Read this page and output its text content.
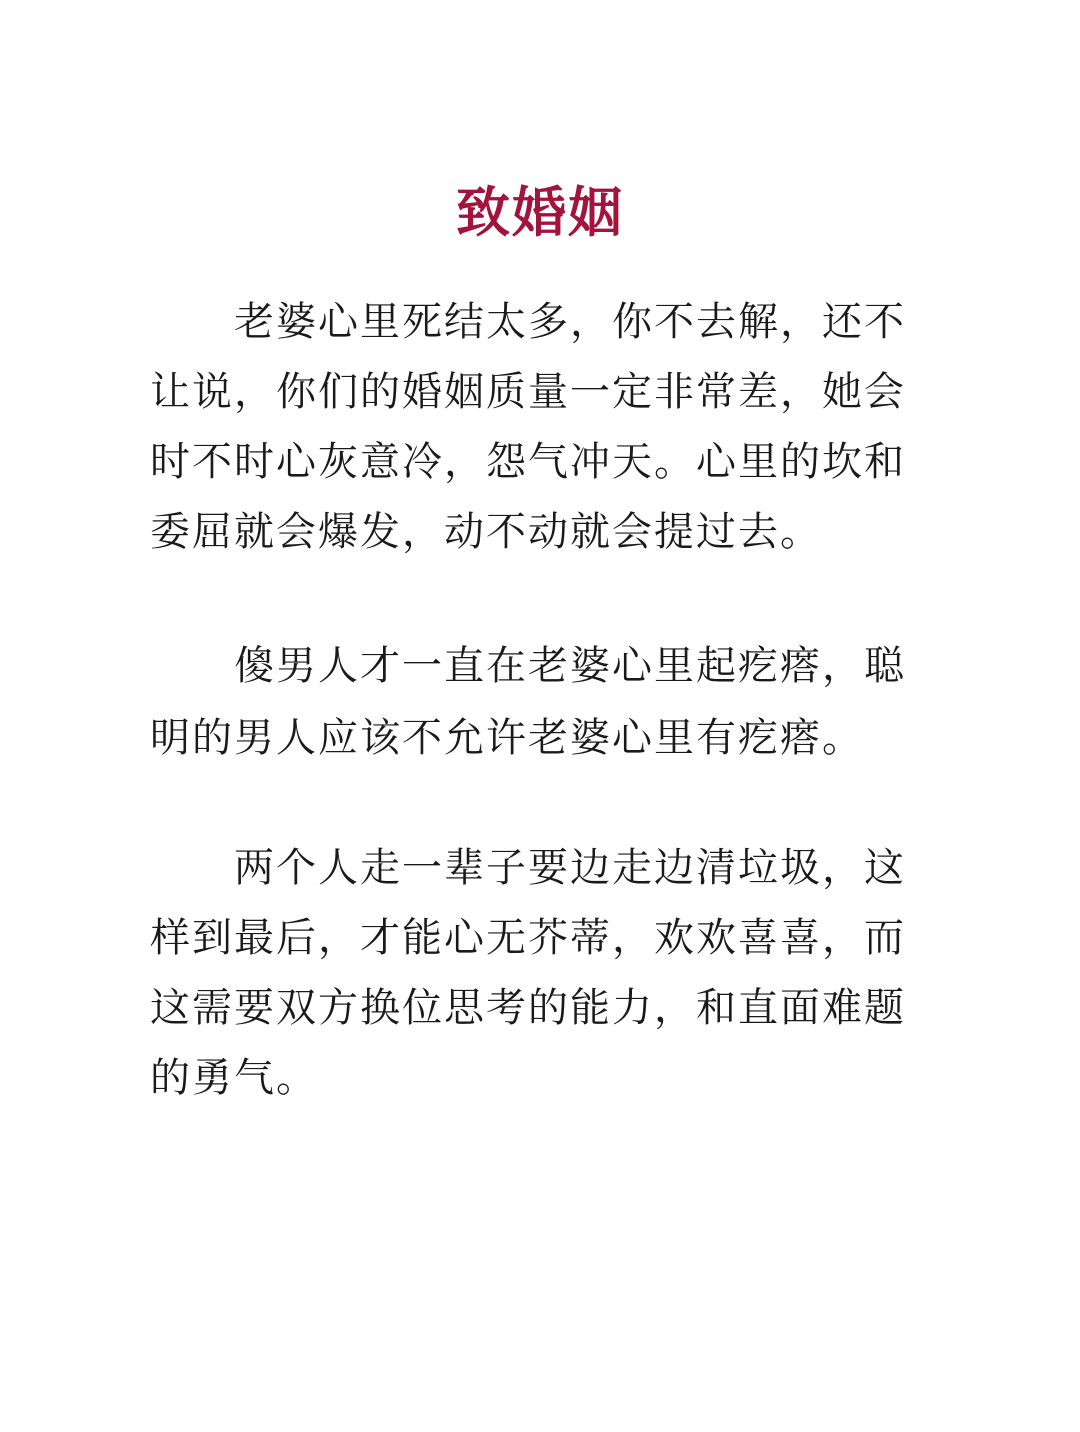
致婚姻

老婆心里死结太多，你不去解，还不

让说，你们的婚姻质量一定非常差，她会

时不时心灰意冷，怨气冲天。心里的坎和

委屈就会爆发，动不动就会提过去。

傻男人才一直在老婆心里起疙瘩，聪

明的男人应该不允许老婆心里有疙瘩。

两个人走一辈子要边走边清垃圾，这

样到最后，才能心无芥蒂，欢欢喜喜，而

这需要双方换位思考的能力，和直面难题

的勇气。
